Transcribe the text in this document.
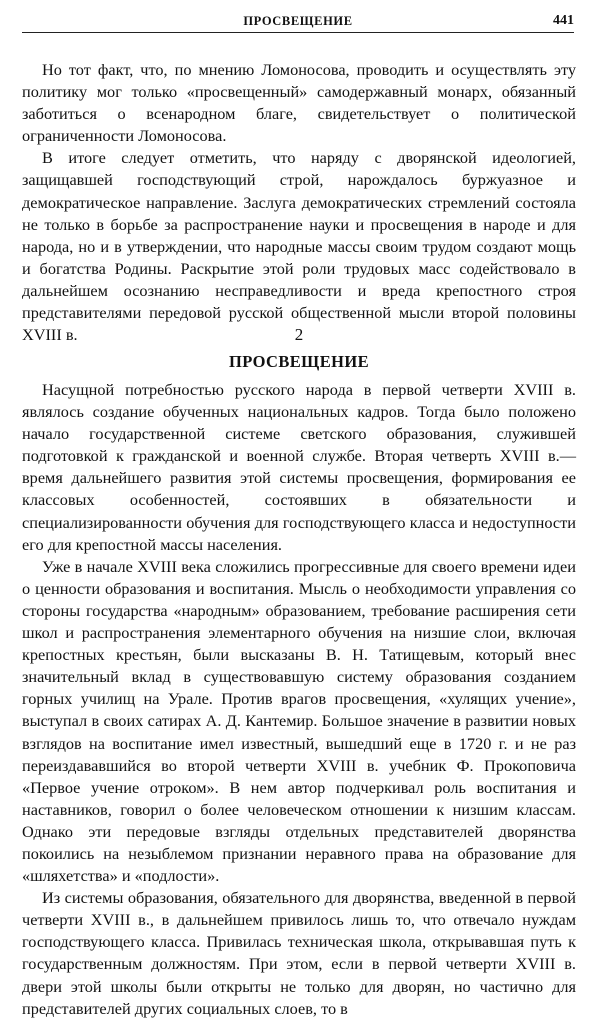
ПРОСВЕЩЕНИЕ	441

Но тот факт, что, по мнению Ломоносова, проводить и осуществлять эту политику мог только «просвещенный» самодержавный монарх, обязанный заботиться о всенародном благе, свидетельствует о политической ограниченности Ломоносова.

В итоге следует отметить, что наряду с дворянской идеологией, защищавшей господствующий строй, нарождалось буржуазное и демократическое направление. Заслуга демократических стремлений состояла не только в борьбе за распространение науки и просвещения в народе и для народа, но и в утверждении, что народные массы своим трудом создают мощь и богатства Родины. Раскрытие этой роли трудовых масс содействовало в дальнейшем осознанию несправедливости и вреда крепостного строя представителями передовой русской общественной мысли второй половины XVIII в.	2
ПРОСВЕЩЕНИЕ

Насущной потребностью русского народа в первой четверти XVIII в. являлось создание обученных национальных кадров. Тогда было положено начало государственной системе светского образования, служившей подготовкой к гражданской и военной службе. Вторая четверть XVIII в.— время дальнейшего развития этой системы просвещения, формирования ее классовых особенностей, состоявших в обязательности и специализированности обучения для господствующего класса и недоступности его для крепостной массы населения.

Уже в начале XVIII века сложились прогрессивные для своего времени идеи о ценности образования и воспитания. Мысль о необходимости управления со стороны государства «народным» образованием, требование расширения сети школ и распространения элементарного обучения на низшие слои, включая крепостных крестьян, были высказаны В. Н. Татищевым, который внес значительный вклад в существовавшую систему образования созданием горных училищ на Урале. Против врагов просвещения, «хулящих учение», выступал в своих сатирах А. Д. Кантемир. Большое значение в развитии новых взглядов на воспитание имел известный, вышедший еще в 1720 г. и не раз переиздававшийся во второй четверти XVIII в. учебник Ф. Прокоповича «Первое учение отроком». В нем автор подчеркивал роль воспитания и наставников, говорил о более человеческом отношении к низшим классам. Однако эти передовые взгляды отдельных представителей дворянства покоились на незыблемом признании неравного права на образование для «шляхетства» и «подлости».

Из системы образования, обязательного для дворянства, введенной в первой четверти XVIII в., в дальнейшем привилось лишь то, что отвечало нуждам господствующего класса. Привилась техническая школа, открывавшая путь к государственным должностям. При этом, если в первой четверти XVIII в. двери этой школы были открыты не только для дворян, но частично для представителей других социальных слоев, то в
